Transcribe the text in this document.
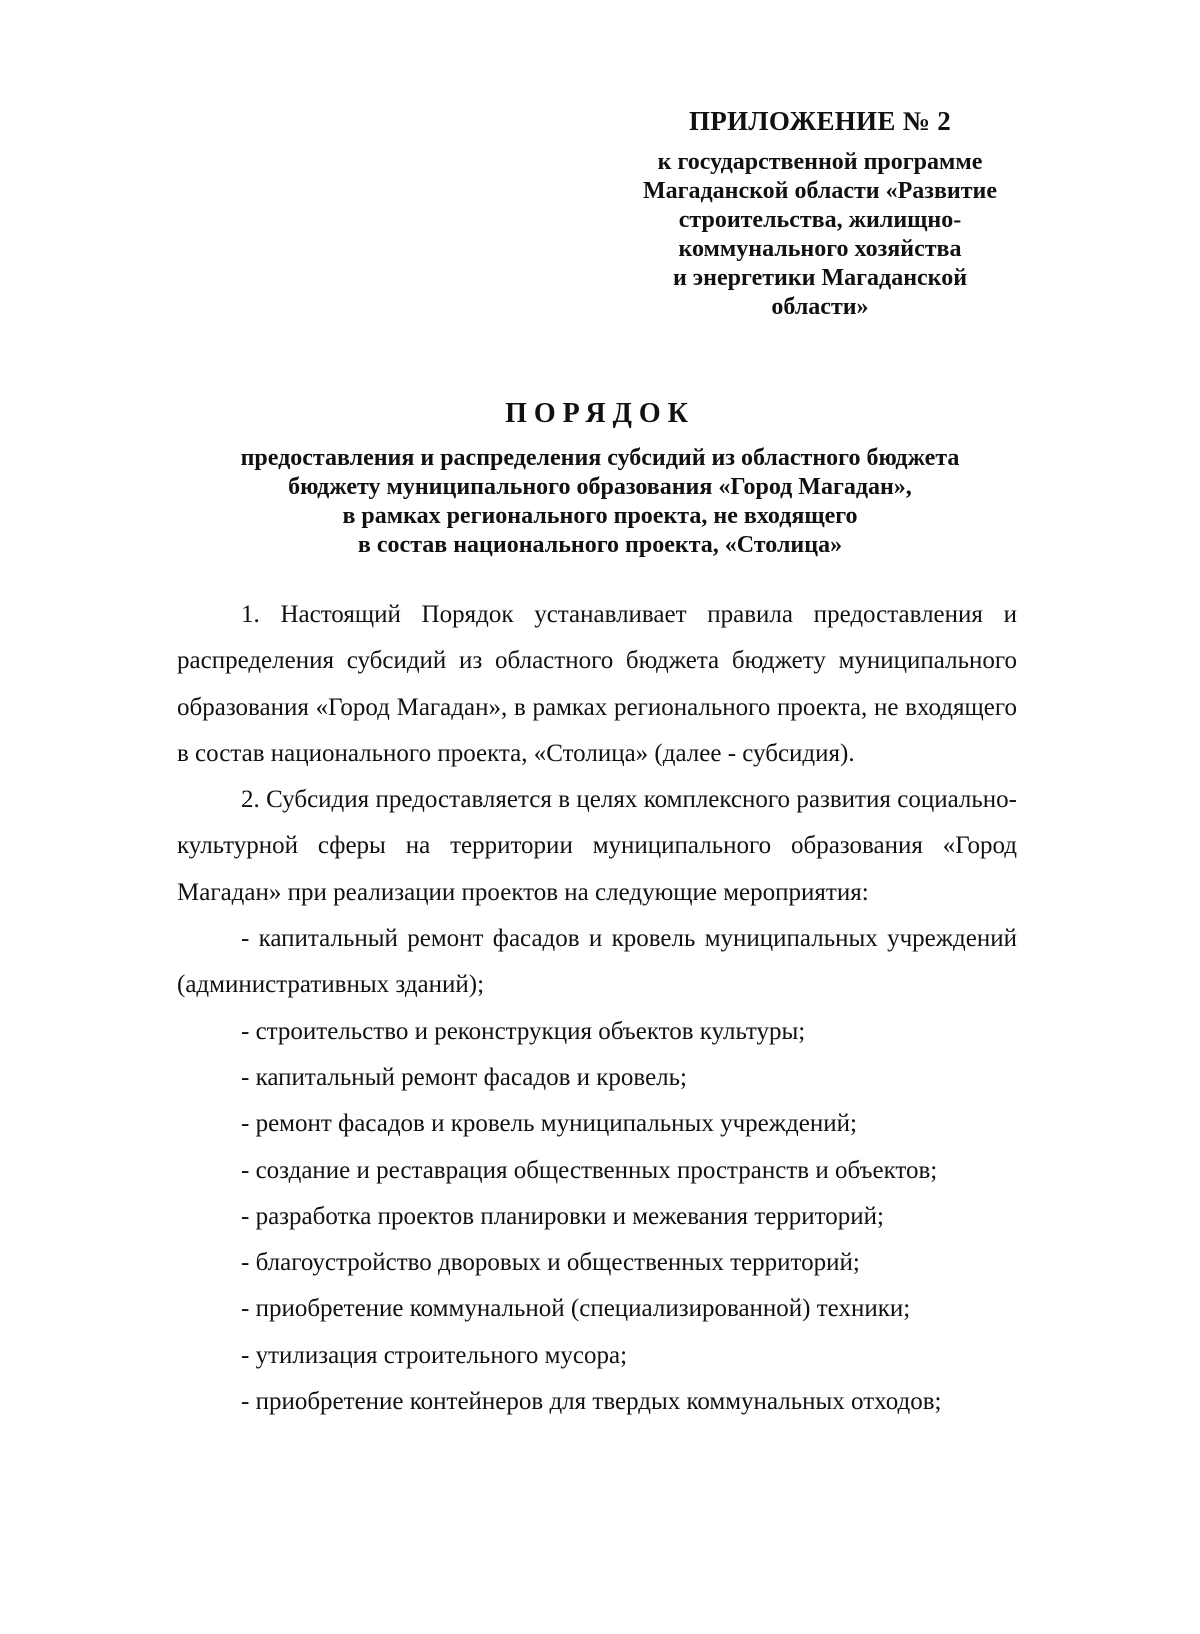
ПРИЛОЖЕНИЕ № 2
к государственной программе
Магаданской области «Развитие
строительства, жилищно-
коммунального хозяйства
и энергетики Магаданской
области»
ПОРЯДОК
предоставления и распределения субсидий из областного бюджета
бюджету муниципального образования «Город Магадан»,
в рамках регионального проекта, не входящего
в состав национального проекта, «Столица»

1. Настоящий Порядок устанавливает правила предоставления и распределения субсидий из областного бюджета бюджету муниципального образования «Город Магадан», в рамках регионального проекта, не входящего в состав национального проекта, «Столица» (далее - субсидия).

2. Субсидия предоставляется в целях комплексного развития социально-культурной сферы на территории муниципального образования «Город Магадан» при реализации проектов на следующие мероприятия:

- капитальный ремонт фасадов и кровель муниципальных учреждений (административных зданий);

- строительство и реконструкция объектов культуры;

- капитальный ремонт фасадов и кровель;

- ремонт фасадов и кровель муниципальных учреждений;

- создание и реставрация общественных пространств и объектов;

- разработка проектов планировки и межевания территорий;

- благоустройство дворовых и общественных территорий;

- приобретение коммунальной (специализированной) техники;

- утилизация строительного мусора;

- приобретение контейнеров для твердых коммунальных отходов;
